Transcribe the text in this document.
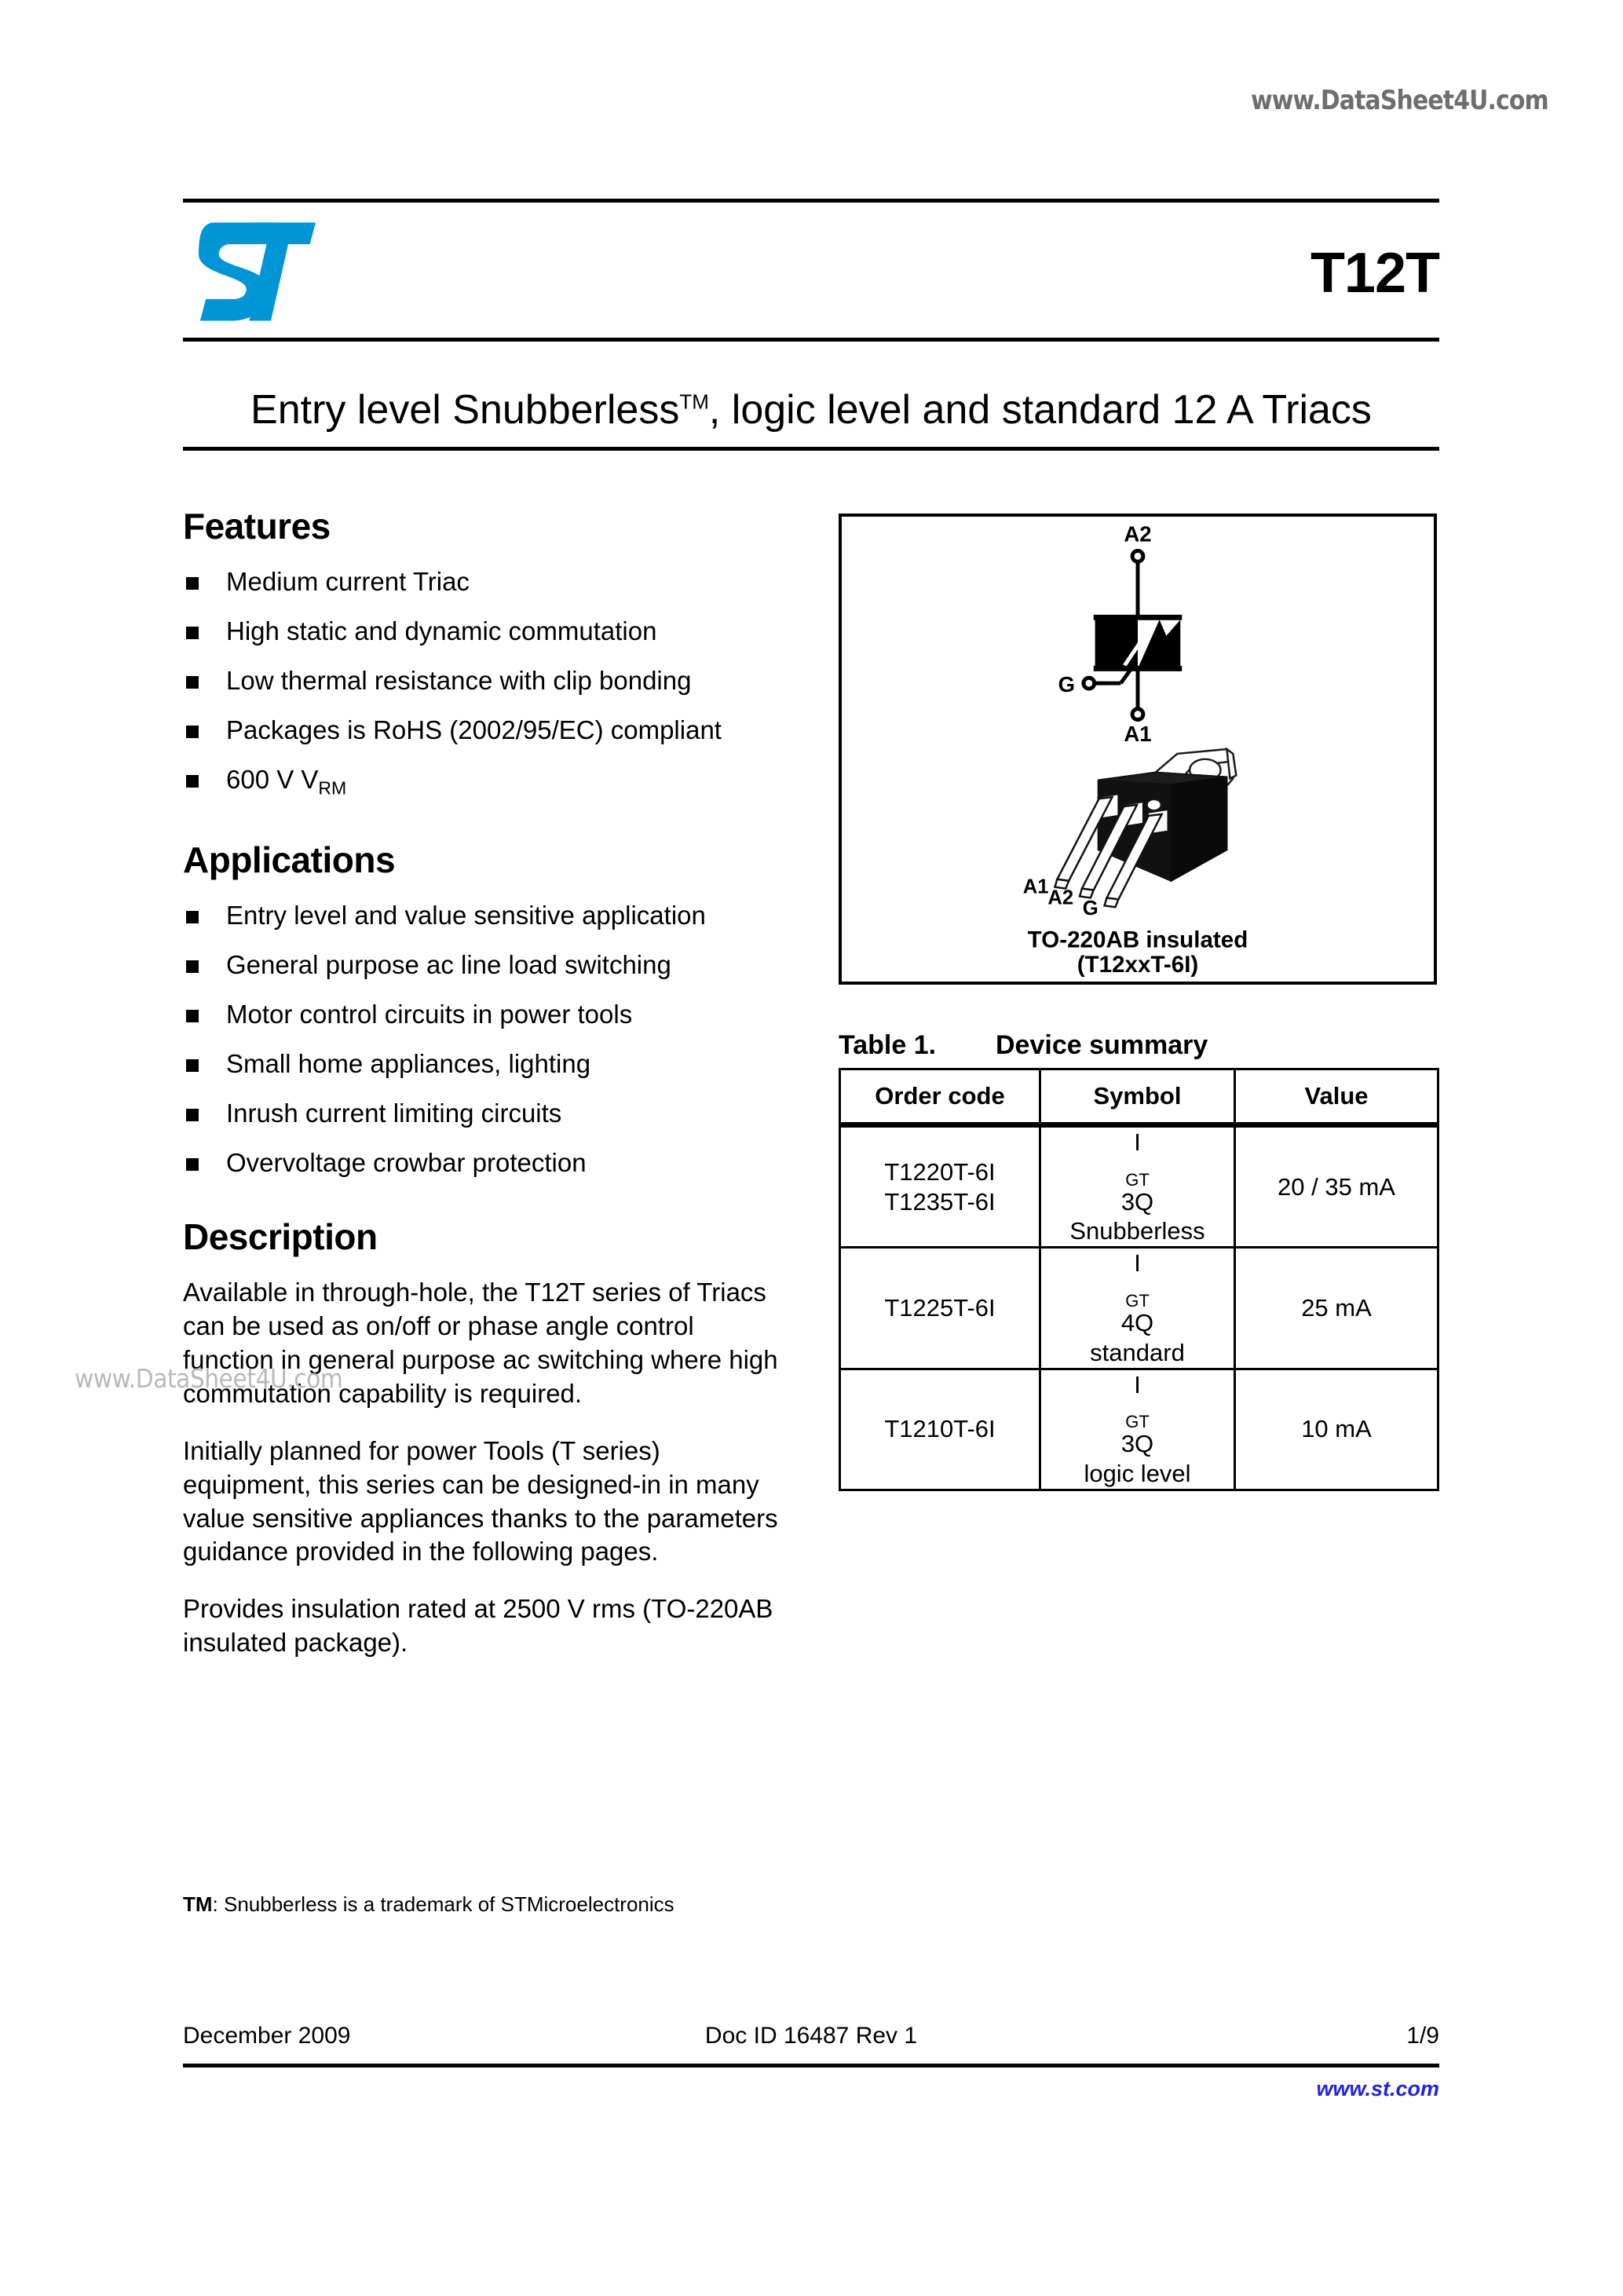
www.DataSheet4U.com
T12T
Entry level Snubberless™, logic level and standard 12 A Triacs
Features
Medium current Triac
High static and dynamic commutation
Low thermal resistance with clip bonding
Packages is RoHS (2002/95/EC) compliant
600 V $V_{RM}$
Applications
Entry level and value sensitive application
General purpose ac line load switching
Motor control circuits in power tools
Small home appliances, lighting
Inrush current limiting circuits
Overvoltage crowbar protection
Description

Available in through-hole, the T12T series of Triacs can be used as on/off or phase angle control function in general purpose ac switching where high commutation capability is required.

Initially planned for power Tools (T series) equipment, this series can be designed-in in many value sensitive appliances thanks to the parameters guidance provided in the following pages.

Provides insulation rated at 2500 V rms (TO-220AB insulated package).

www.DataSheet4U.com
A2
A1
G
A1
A2 G
TO-220AB insulated
(T12xxT-6I)
Table 1. Device summary
Order code	Symbol	Value

T1220T-6I
T1235T-6I	I
$_{GT}$
3Q
Snubberless	20 / 35 mA

T1225T-6I	I
$_{GT}$
4Q
standard	25 mA

T1210T-6I	I
$_{GT}$
3Q
logic level	10 mA
TM: Snubberless is a trademark of STMicroelectronics
December 2009	Doc ID 16487 Rev 1	1/9
www.st.com
